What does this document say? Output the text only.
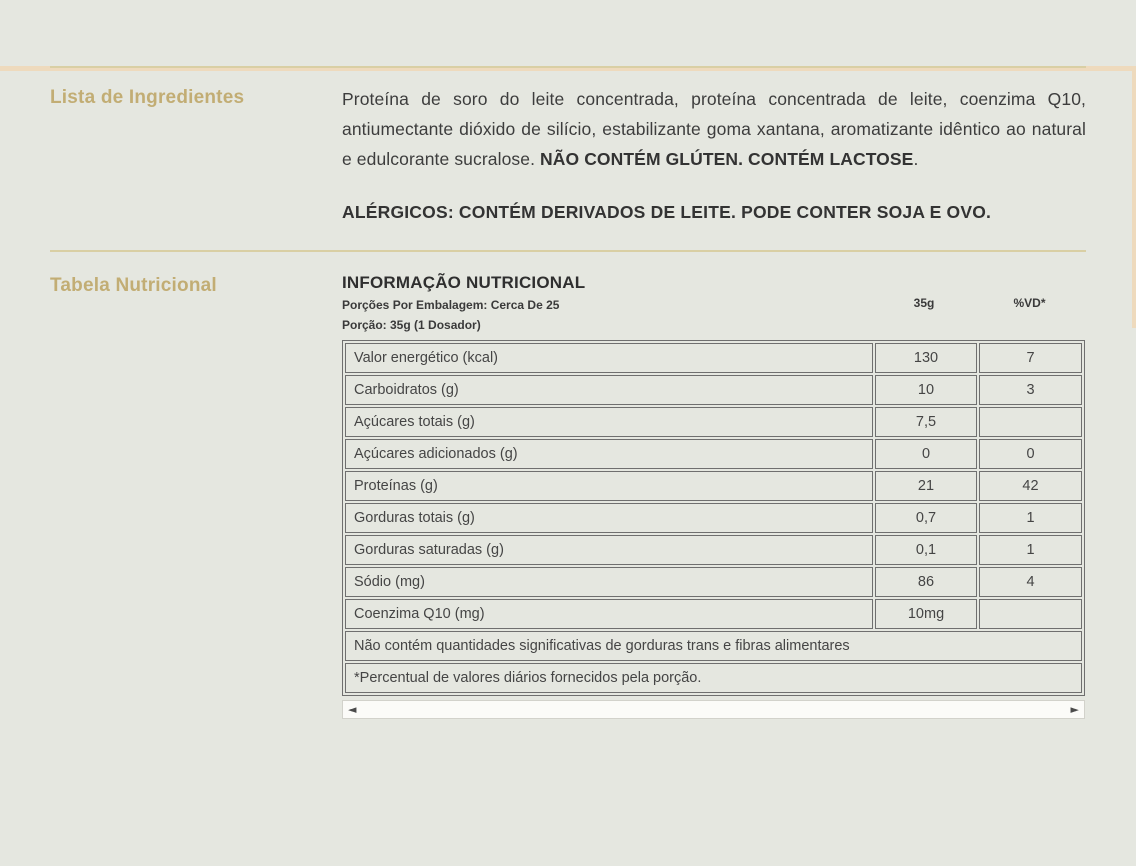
Lista de Ingredientes	Proteína de soro do leite concentrada, proteína concentrada de leite, coenzima Q10, antiumectante dióxido de silício, estabilizante goma xantana, aromatizante idêntico ao natural e edulcorante sucralose. NÃO CONTÉM GLÚTEN. CONTÉM LACTOSE.

ALÉRGICOS: CONTÉM DERIVADOS DE LEITE. PODE CONTER SOJA E OVO.

Tabela Nutricional	INFORMAÇÃO NUTRICIONAL
Porções Por Embalagem: Cerca De 25
Porção: 35g (1 Dosador)
35g	%VD*
Valor energético (kcal)	130	7
Carboidratos (g)	10	3
Açúcares totais (g)	7,5	
Açúcares adicionados (g)	0	0
Proteínas (g)	21	42
Gorduras totais (g)	0,7	1
Gorduras saturadas (g)	0,1	1
Sódio (mg)	86	4
Coenzima Q10 (mg)	10mg	
Não contém quantidades significativas de gorduras trans e fibras alimentares		
*Percentual de valores diários fornecidos pela porção.		
◄	►
